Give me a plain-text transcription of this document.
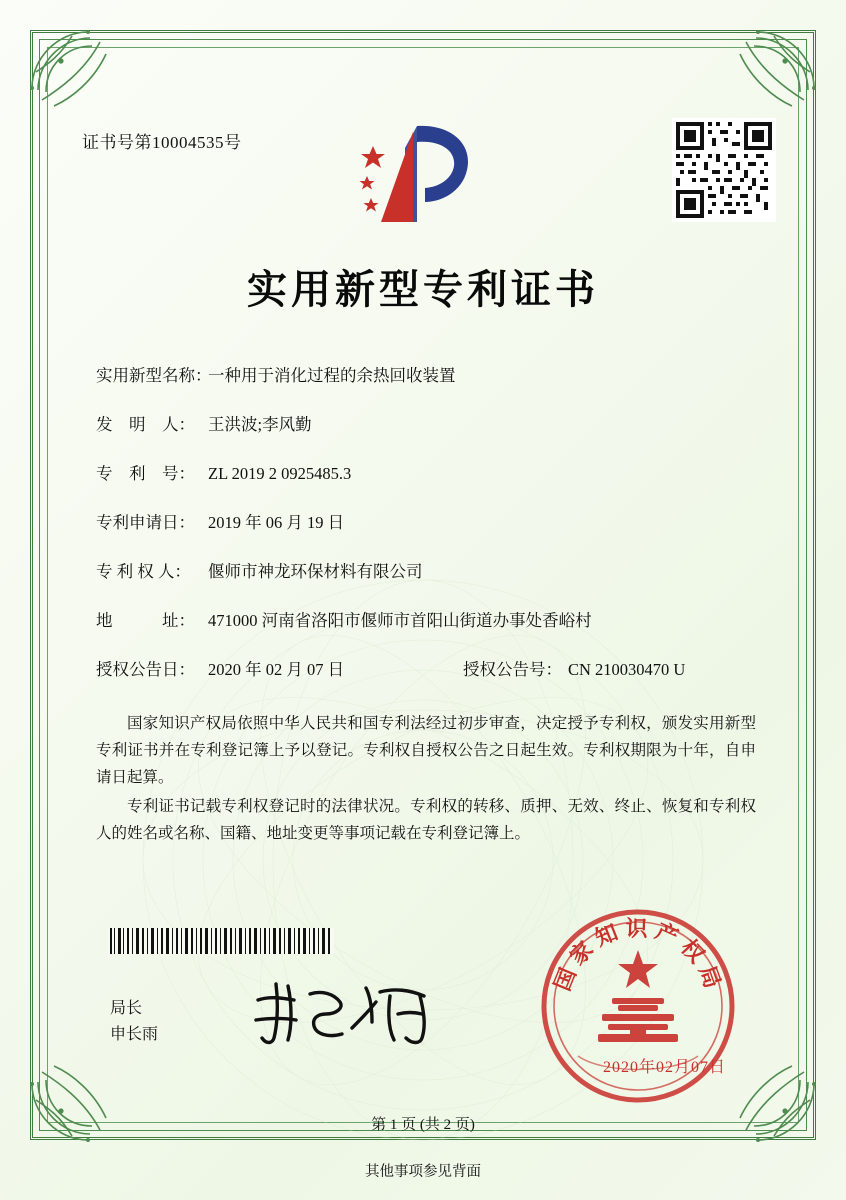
证书号第10004535号
实用新型专利证书
实用新型名称：
一种用于消化过程的余热回收装置
发　明　人： 王洪波;李风勤
专　利　号： ZL 2019 2 0925485.3
专利申请日： 2019 年 06 月 19 日
专 利 权 人：	偃师市神龙环保材料有限公司
地　　　址： 471000 河南省洛阳市偃师市首阳山街道办事处香峪村
授权公告日： 2020 年 02 月 07 日	授权公告号： CN 210030470 U

国家知识产权局依照中华人民共和国专利法经过初步审查，决定授予专利权，颁发实用新型专利证书并在专利登记簿上予以登记。专利权自授权公告之日起生效。专利权期限为十年，自申请日起算。

专利证书记载专利权登记时的法律状况。专利权的转移、质押、无效、终止、恢复和专利权人的姓名或名称、国籍、地址变更等事项记载在专利登记簿上。

局长
申长雨
国家知识产权局
2020年02月07日
第 1 页 (共 2 页)
其他事项参见背面
